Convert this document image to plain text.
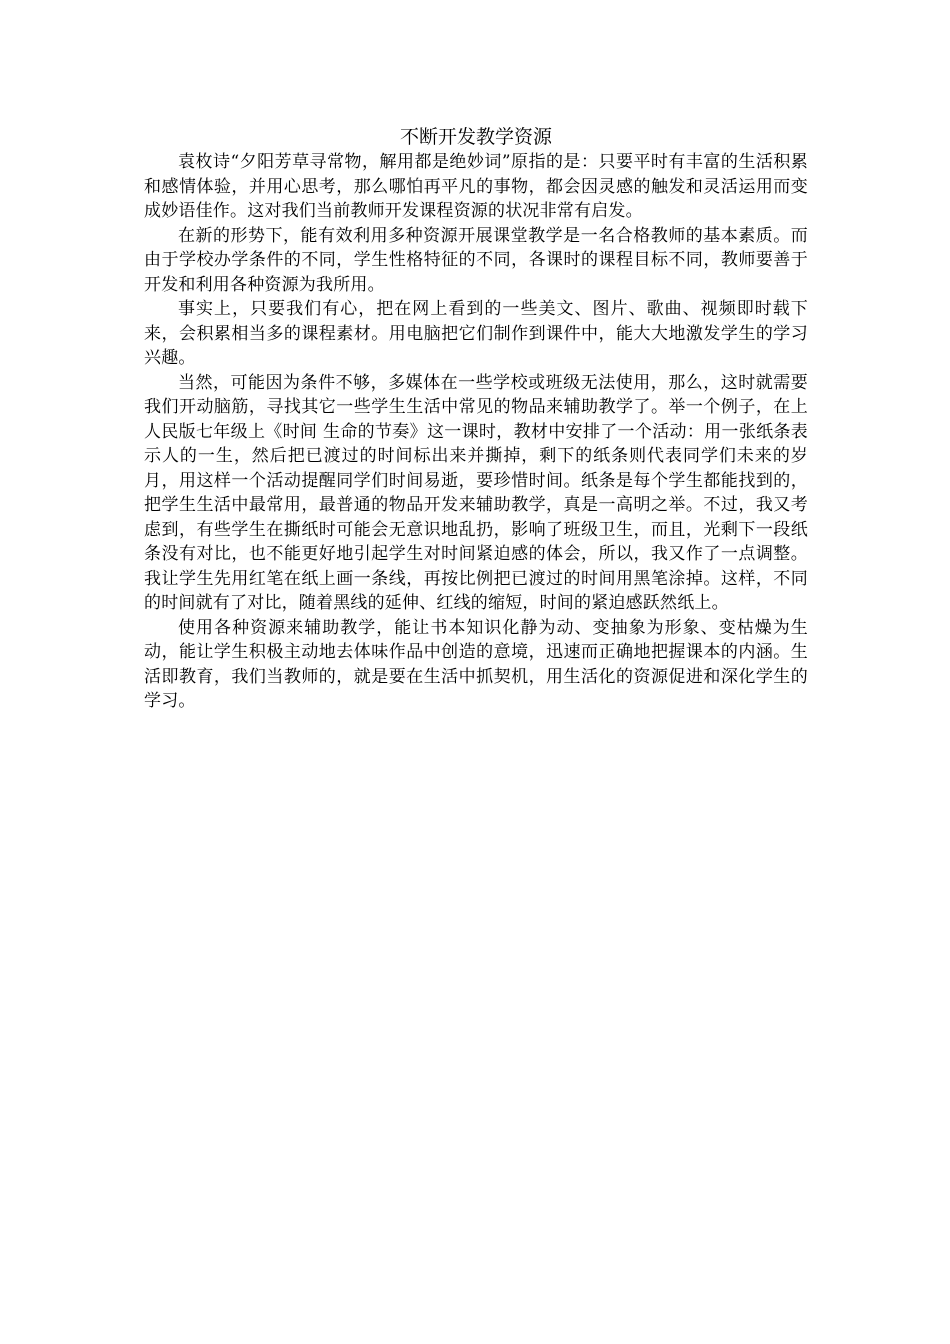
不断开发教学资源

袁枚诗“夕阳芳草寻常物，解用都是绝妙词”原指的是：只要平时有丰富的生活积累和感情体验，并用心思考，那么哪怕再平凡的事物，都会因灵感的触发和灵活运用而变成妙语佳作。这对我们当前教师开发课程资源的状况非常有启发。

在新的形势下，能有效利用多种资源开展课堂教学是一名合格教师的基本素质。而由于学校办学条件的不同，学生性格特征的不同，各课时的课程目标不同，教师要善于开发和利用各种资源为我所用。

事实上，只要我们有心，把在网上看到的一些美文、图片、歌曲、视频即时载下来，会积累相当多的课程素材。用电脑把它们制作到课件中，能大大地激发学生的学习兴趣。

当然，可能因为条件不够，多媒体在一些学校或班级无法使用，那么，这时就需要我们开动脑筋，寻找其它一些学生生活中常见的物品来辅助教学了。举一个例子，在上人民版七年级上《时间 生命的节奏》这一课时，教材中安排了一个活动：用一张纸条表示人的一生，然后把已渡过的时间标出来并撕掉，剩下的纸条则代表同学们未来的岁月，用这样一个活动提醒同学们时间易逝，要珍惜时间。纸条是每个学生都能找到的，把学生生活中最常用，最普通的物品开发来辅助教学，真是一高明之举。不过，我又考虑到，有些学生在撕纸时可能会无意识地乱扔，影响了班级卫生，而且，光剩下一段纸条没有对比，也不能更好地引起学生对时间紧迫感的体会，所以，我又作了一点调整。我让学生先用红笔在纸上画一条线，再按比例把已渡过的时间用黑笔涂掉。这样，不同的时间就有了对比，随着黑线的延伸、红线的缩短，时间的紧迫感跃然纸上。

使用各种资源来辅助教学，能让书本知识化静为动、变抽象为形象、变枯燥为生动，能让学生积极主动地去体味作品中创造的意境，迅速而正确地把握课本的内涵。生活即教育，我们当教师的，就是要在生活中抓契机，用生活化的资源促进和深化学生的学习。
